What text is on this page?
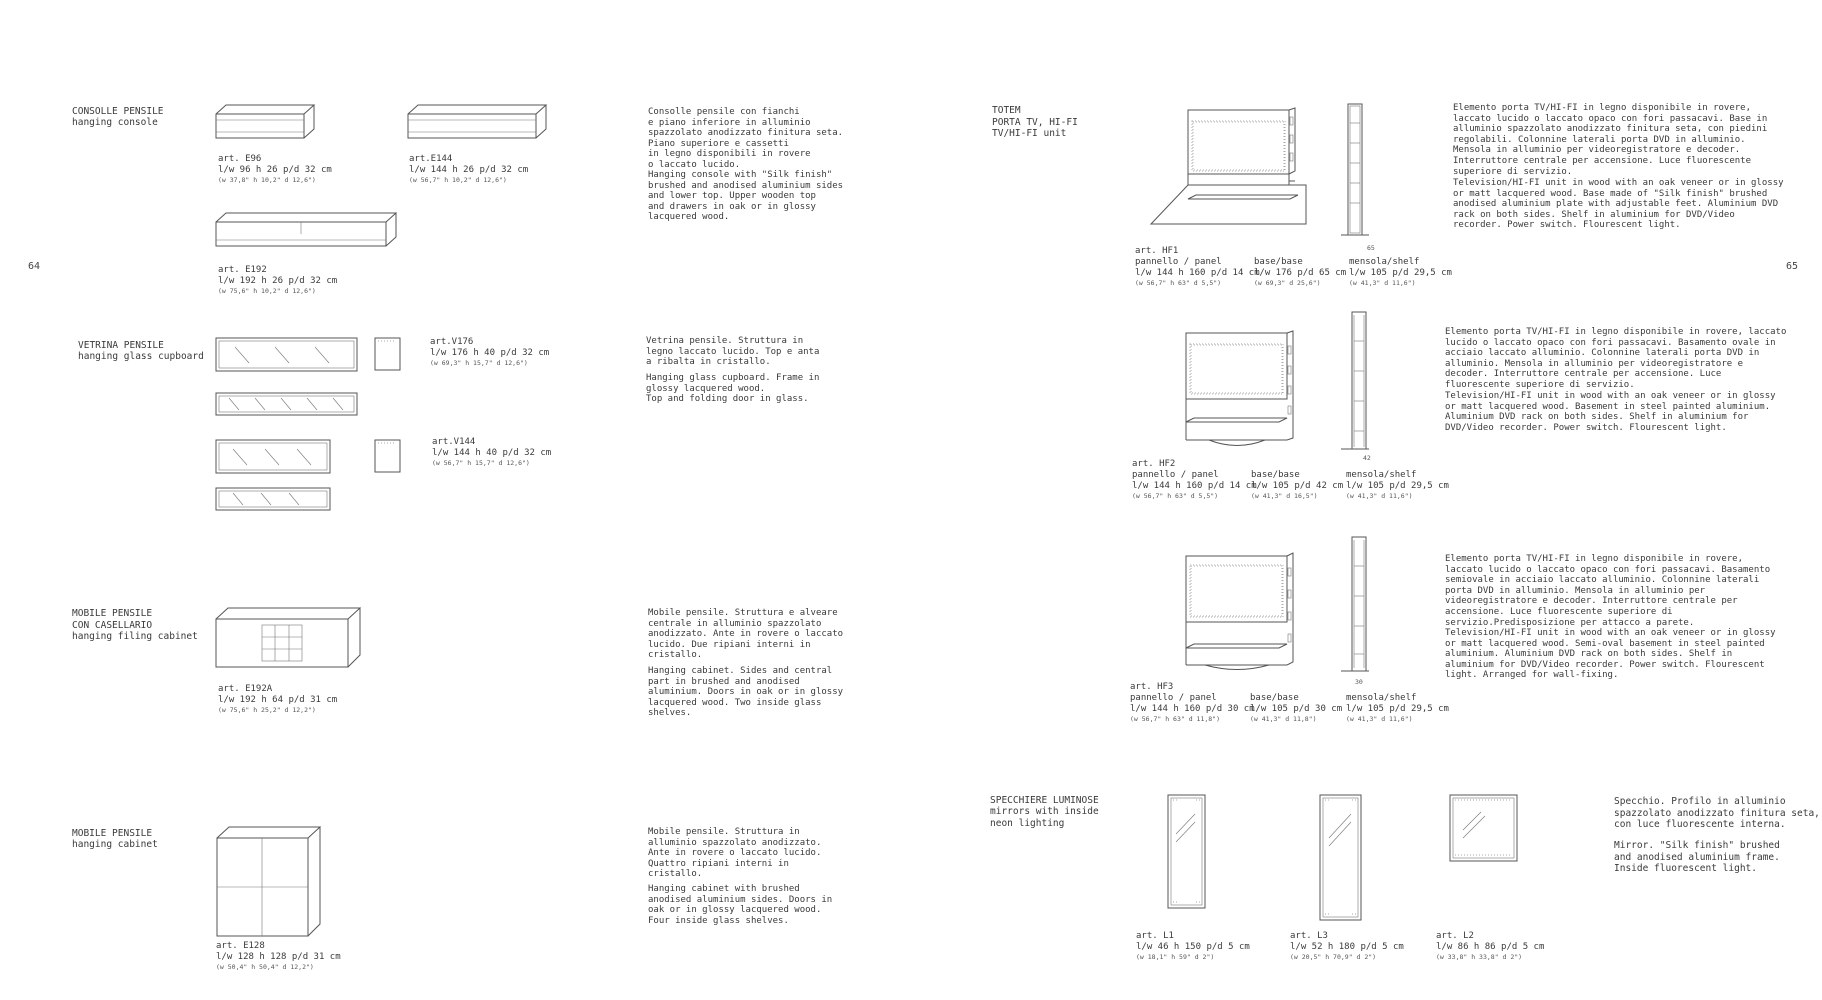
64	65
CONSOLLE PENSILE
hanging console
art. E96
l/w 96 h 26 p/d 32 cm
(w 37,8" h 10,2" d 12,6")
art.E144
l/w 144 h 26 p/d 32 cm
(w 56,7" h 10,2" d 12,6")
art. E192
l/w 192 h 26 p/d 32 cm
(w 75,6" h 10,2" d 12,6")
Consolle pensile con fianchi
e piano inferiore in alluminio
spazzolato anodizzato finitura seta.
Piano superiore e cassetti
in legno disponibili in rovere
o laccato lucido.
Hanging console with "Silk finish"
brushed and anodised aluminium sides
and lower top. Upper wooden top
and drawers in oak or in glossy
lacquered wood.
VETRINA PENSILE
hanging glass cupboard
art.V176
l/w 176 h 40 p/d 32 cm
(w 69,3" h 15,7" d 12,6")
art.V144
l/w 144 h 40 p/d 32 cm
(w 56,7" h 15,7" d 12,6")
Vetrina pensile. Struttura in
legno laccato lucido. Top e anta
a ribalta in cristallo.
Hanging glass cupboard. Frame in
glossy lacquered wood.
Top and folding door in glass.
MOBILE PENSILE
CON CASELLARIO
hanging filing cabinet
art. E192A
l/w 192 h 64 p/d 31 cm
(w 75,6" h 25,2" d 12,2")
Mobile pensile. Struttura e alveare
centrale in alluminio spazzolato
anodizzato. Ante in rovere o laccato
lucido. Due ripiani interni in
cristallo.
Hanging cabinet. Sides and central
part in brushed and anodised
aluminium. Doors in oak or in glossy
lacquered wood. Two inside glass
shelves.
MOBILE PENSILE
hanging cabinet
art. E128
l/w 128 h 128 p/d 31 cm
(w 50,4" h 50,4" d 12,2")
Mobile pensile. Struttura in
alluminio spazzolato anodizzato.
Ante in rovere o laccato lucido.
Quattro ripiani interni in
cristallo.
Hanging cabinet with brushed
anodised aluminium sides. Doors in
oak or in glossy lacquered wood.
Four inside glass shelves.
TOTEM
PORTA TV, HI-FI
TV/HI-FI unit
65
art. HF1
pannello / panel
l/w 144 h 160 p/d 14 cm
(w 56,7" h 63" d 5,5")
base/base
l/w 176 p/d 65 cm
(w 69,3" d 25,6")
mensola/shelf
l/w 105 p/d 29,5 cm
(w 41,3" d 11,6")
Elemento porta TV/HI-FI in legno disponibile in rovere,
laccato lucido o laccato opaco con fori passacavi. Base in
alluminio spazzolato anodizzato finitura seta, con piedini
regolabili. Colonnine laterali porta DVD in alluminio.
Mensola in alluminio per videoregistratore e decoder.
Interruttore centrale per accensione. Luce fluorescente
superiore di servizio.
Television/HI-FI unit in wood with an oak veneer or in glossy
or matt lacquered wood. Base made of "Silk finish" brushed
anodised aluminium plate with adjustable feet. Aluminium DVD
rack on both sides. Shelf in aluminium for DVD/Video
recorder. Power switch. Flourescent light.
42
art. HF2
pannello / panel
l/w 144 h 160 p/d 14 cm
(w 56,7" h 63" d 5,5")
base/base
l/w 105 p/d 42 cm
(w 41,3" d 16,5")
mensola/shelf
l/w 105 p/d 29,5 cm
(w 41,3" d 11,6")
Elemento porta TV/HI-FI in legno disponibile in rovere, laccato
lucido o laccato opaco con fori passacavi. Basamento ovale in
acciaio laccato alluminio. Colonnine laterali porta DVD in
alluminio. Mensola in alluminio per videoregistratore e
decoder. Interruttore centrale per accensione. Luce
fluorescente superiore di servizio.
Television/HI-FI unit in wood with an oak veneer or in glossy
or matt lacquered wood. Basement in steel painted aluminium.
Aluminium DVD rack on both sides. Shelf in aluminium for
DVD/Video recorder. Power switch. Flourescent light.
30
art. HF3
pannello / panel
l/w 144 h 160 p/d 30 cm
(w 56,7" h 63" d 11,8")
base/base
l/w 105 p/d 30 cm
(w 41,3" d 11,8")
mensola/shelf
l/w 105 p/d 29,5 cm
(w 41,3" d 11,6")
Elemento porta TV/HI-FI in legno disponibile in rovere,
laccato lucido o laccato opaco con fori passacavi. Basamento
semiovale in acciaio laccato alluminio. Colonnine laterali
porta DVD in alluminio. Mensola in alluminio per
videoregistratore e decoder. Interruttore centrale per
accensione. Luce fluorescente superiore di
servizio.Predisposizione per attacco a parete.
Television/HI-FI unit in wood with an oak veneer or in glossy
or matt lacquered wood. Semi-oval basement in steel painted
aluminium. Aluminium DVD rack on both sides. Shelf in
aluminium for DVD/Video recorder. Power switch. Flourescent
light. Arranged for wall-fixing.
SPECCHIERE LUMINOSE
mirrors with inside
neon lighting
art. L1
l/w 46 h 150 p/d 5 cm
(w 18,1" h 59" d 2")
art. L3
l/w 52 h 180 p/d 5 cm
(w 20,5" h 70,9" d 2")
art. L2
l/w 86 h 86 p/d 5 cm
(w 33,8" h 33,8" d 2")
Specchio. Profilo in alluminio
spazzolato anodizzato finitura seta,
con luce fluorescente interna.
Mirror. "Silk finish" brushed
and anodised aluminium frame.
Inside fluorescent light.
